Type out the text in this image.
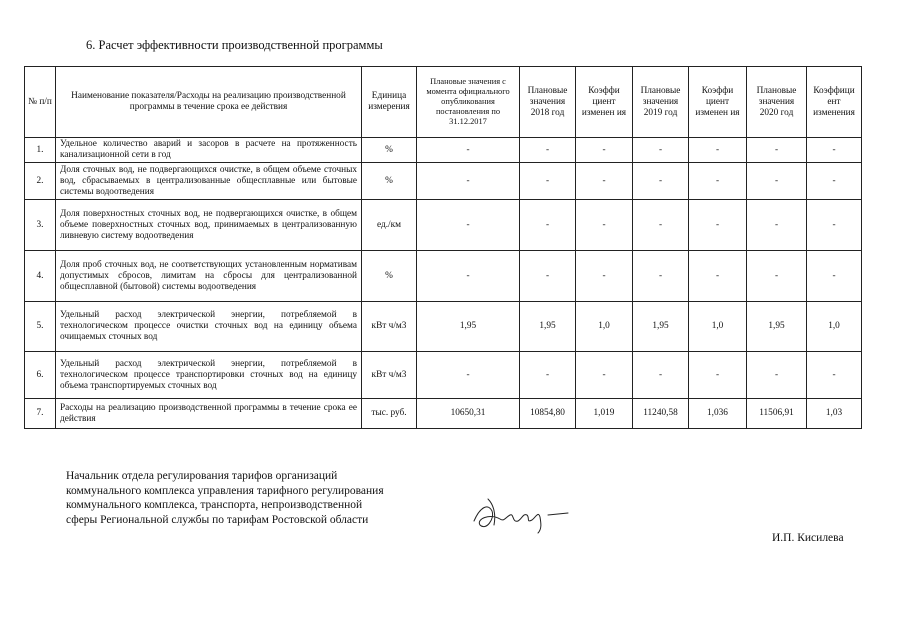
6. Расчет эффективности производственной программы
№ п/п	Наименование показателя/Расходы на реализацию производственной программы в течение срока ее действия	Единица измерения	Плановые значения с момента официального опубликования постановления по 31.12.2017	Плановые значения 2018 год	Коэффи циент изменен ия	Плановые значения 2019 год	Коэффи циент изменен ия	Плановые значения 2020 год	Коэффици ент изменения
1.	Удельное количество аварий и засоров в расчете на протяженность канализационной сети в год	%	-	-	-	-	-	-	-
2.	Доля сточных вод, не подвергающихся очистке, в общем объеме сточных вод, сбрасываемых в централизованные общесплавные или бытовые системы водоотведения	%	-	-	-	-	-	-	-
3.	Доля поверхностных сточных вод, не подвергающихся очистке, в общем объеме поверхностных сточных вод, принимаемых в централизованную ливневую систему водоотведения	ед./км	-	-	-	-	-	-	-
4.	Доля проб сточных вод, не соответствующих установленным нормативам допустимых сбросов, лимитам на сбросы для централизованной общесплавной (бытовой) системы водоотведения	%	-	-	-	-	-	-	-
5.	Удельный расход электрической энергии, потребляемой в технологическом процессе очистки сточных вод на единицу объема очищаемых сточных вод	кВт ч/м3	1,95	1,95	1,0	1,95	1,0	1,95	1,0
6.	Удельный расход электрической энергии, потребляемой в технологическом процессе транспортировки сточных вод на единицу объема транспортируемых сточных вод	кВт ч/м3	-	-	-	-	-	-	-
7.	Расходы на реализацию производственной программы в течение срока ее действия	тыс. руб.	10650,31	10854,80	1,019	11240,58	1,036	11506,91	1,03
Начальник отдела регулирования тарифов организаций коммунального комплекса управления тарифного регулирования коммунального комплекса, транспорта, непроизводственной сферы Региональной службы по тарифам Ростовской области
И.П. Кисилева
